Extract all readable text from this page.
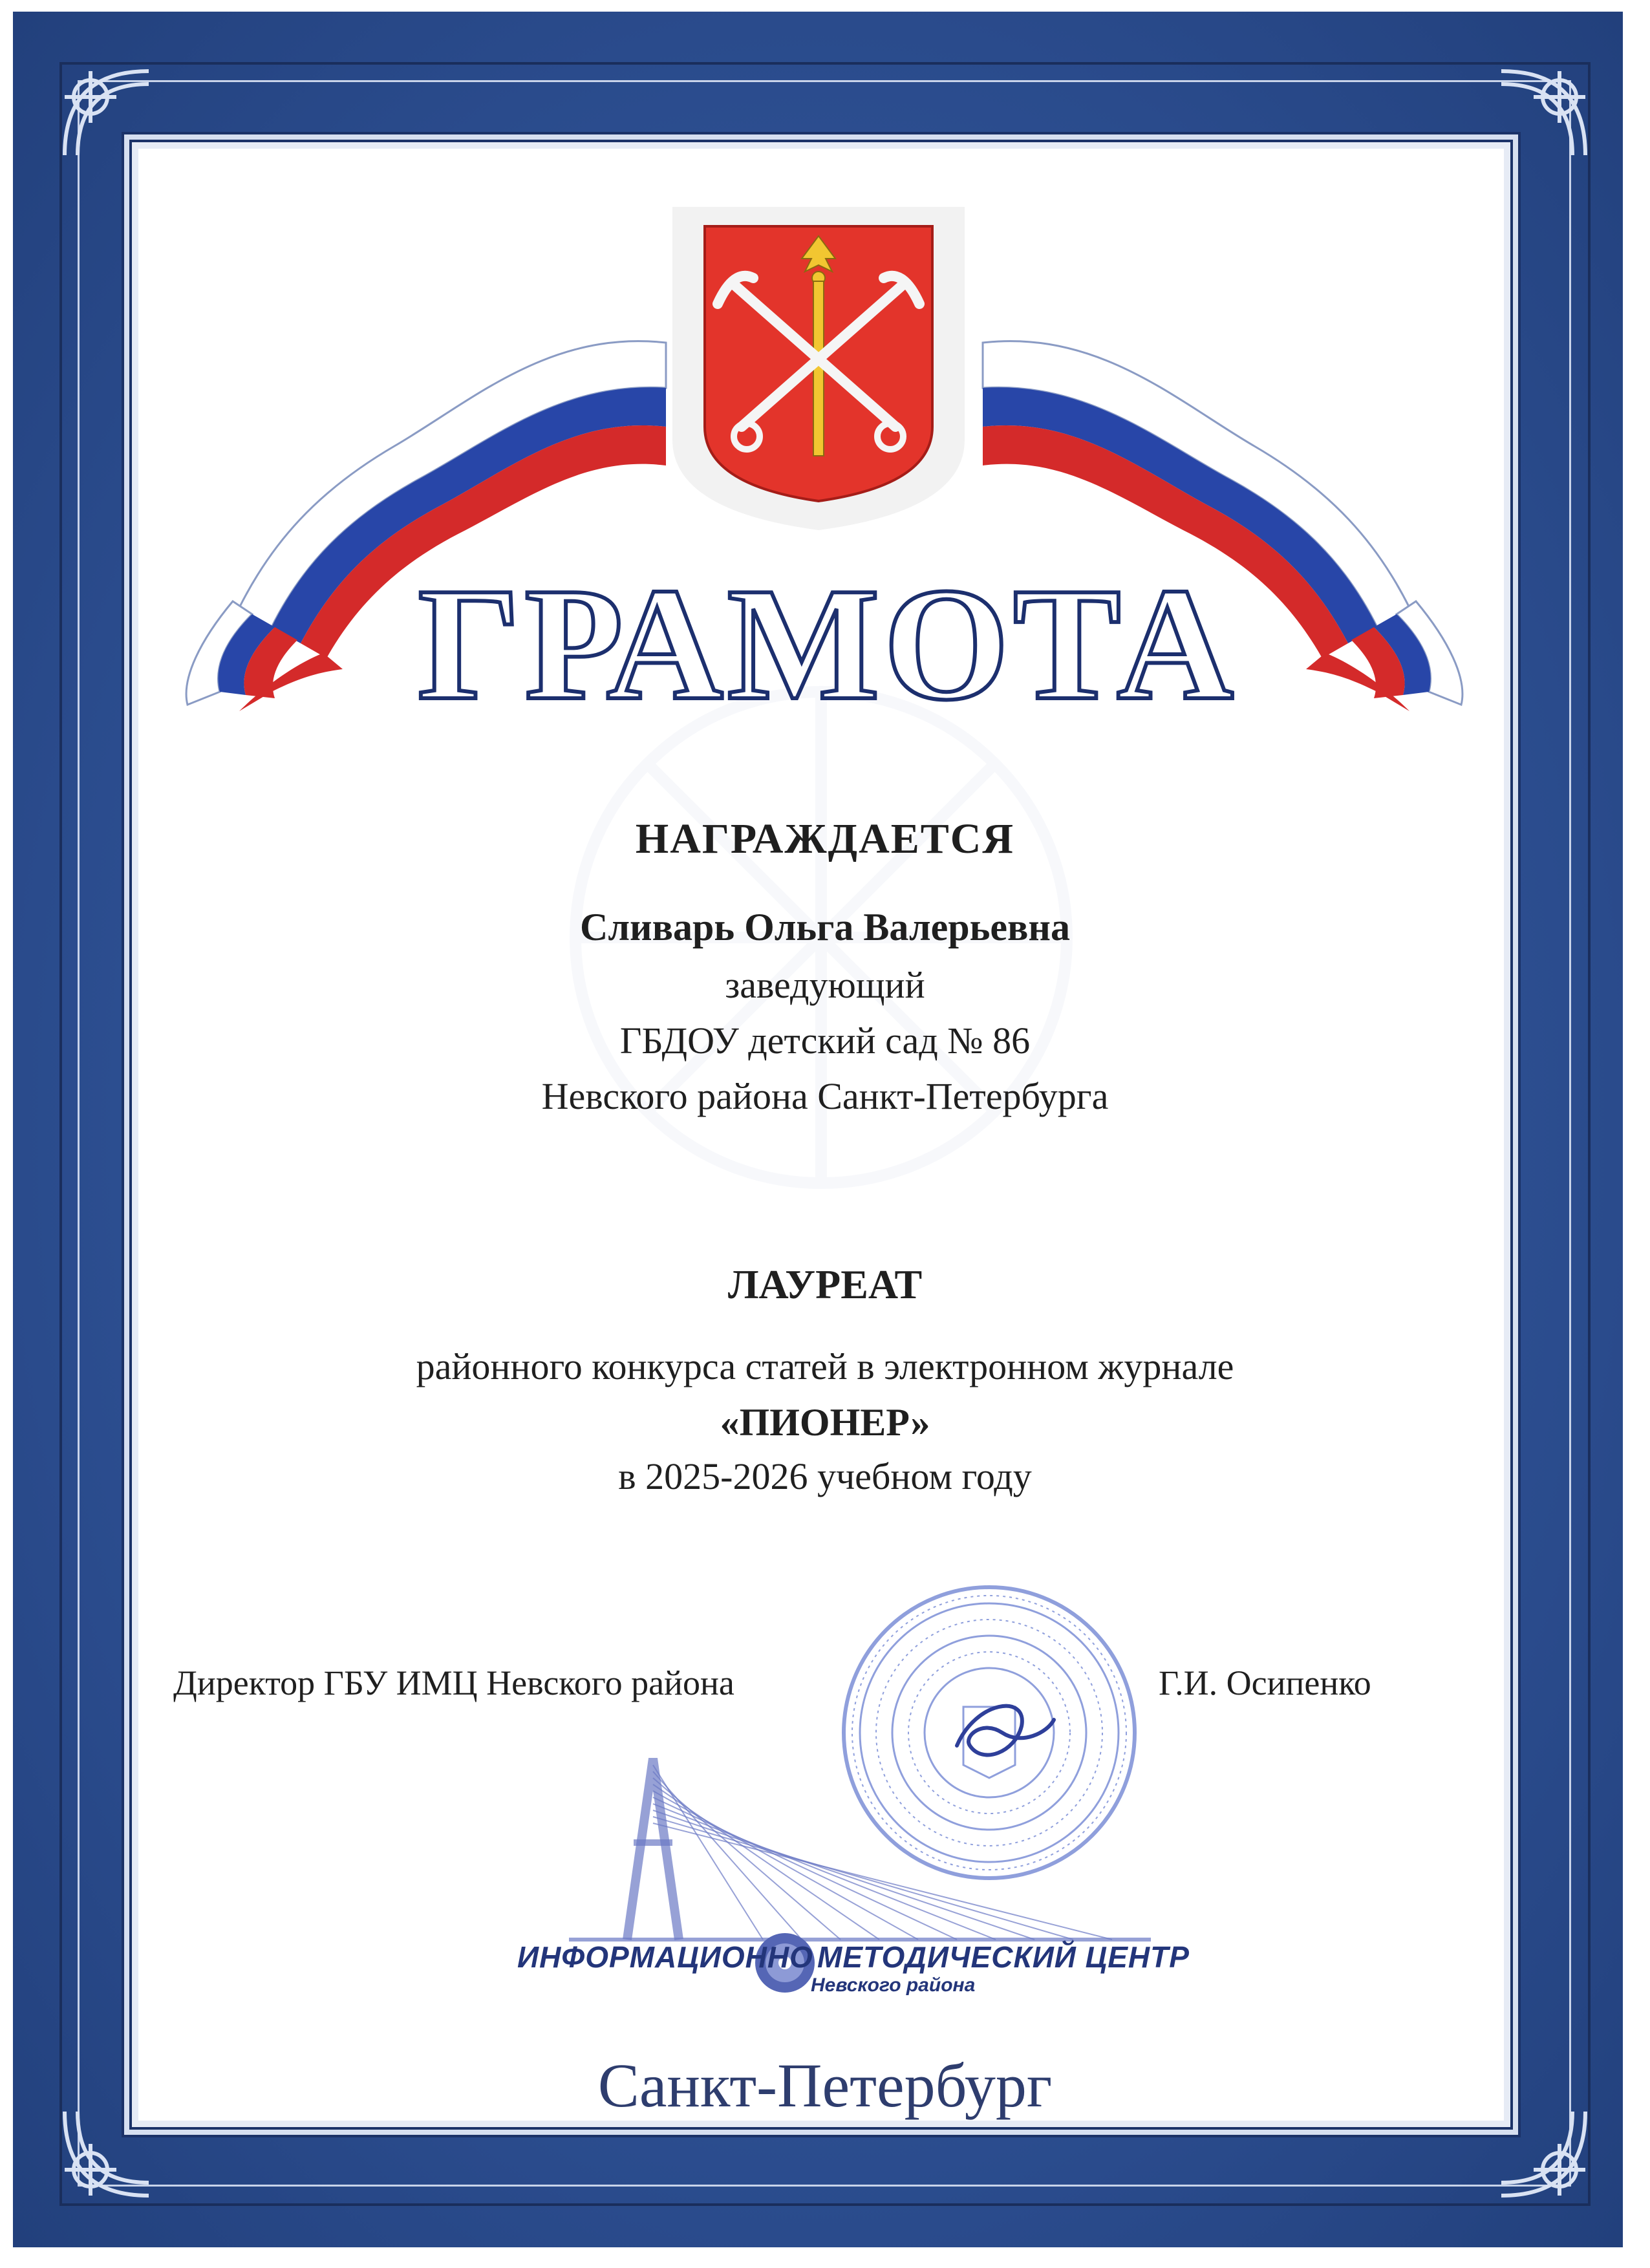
ГРАМОТА
НАГРАЖДАЕТСЯ
Сливарь Ольга Валерьевна
заведующий
ГБДОУ детский сад № 86
Невского района Санкт-Петербурга
ЛАУРЕАТ
районного конкурса статей в электронном журнале
«ПИОНЕР»
в 2025-2026 учебном году
Директор ГБУ ИМЦ Невского района	Г.И. Осипенко
ИНФОРМАЦИОННО МЕТОДИЧЕСКИЙ ЦЕНТР
Невского района
Санкт-Петербург
